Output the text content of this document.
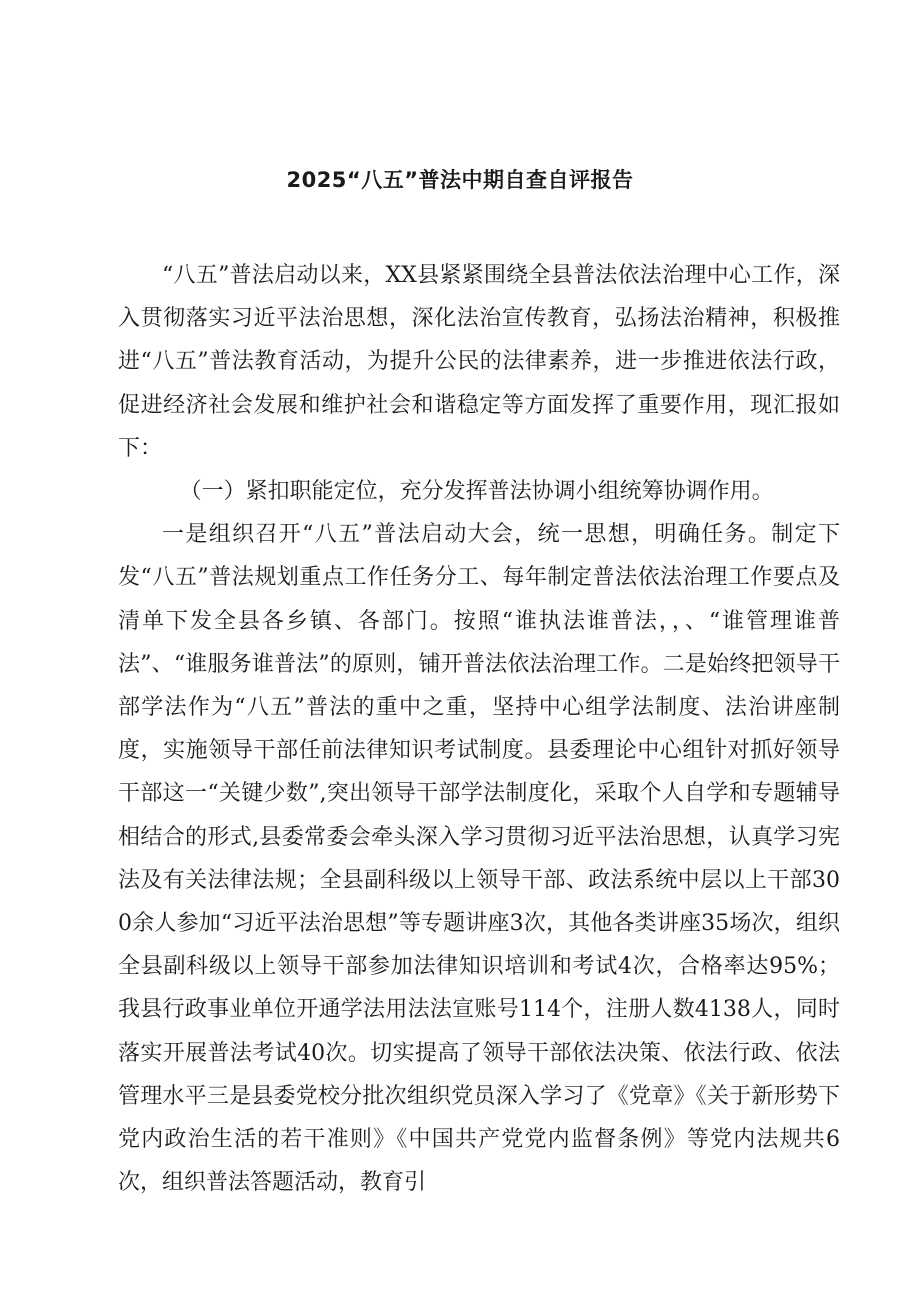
2025“八五”普法中期自查自评报告

“八五”普法启动以来，XX县紧紧围绕全县普法依法治理中心工作，深入贯彻落实习近平法治思想，深化法治宣传教育，弘扬法治精神，积极推进“八五”普法教育活动，为提升公民的法律素养，进一步推进依法行政，促进经济社会发展和维护社会和谐稳定等方面发挥了重要作用，现汇报如下：

（一）紧扣职能定位，充分发挥普法协调小组统筹协调作用。

一是组织召开“八五”普法启动大会，统一思想，明确任务。制定下发“八五”普法规划重点工作任务分工、每年制定普法依法治理工作要点及清单下发全县各乡镇、各部门。按照“谁执法谁普法，，、“谁管理谁普法”、“谁服务谁普法”的原则，铺开普法依法治理工作。二是始终把领导干部学法作为“八五”普法的重中之重，坚持中心组学法制度、法治讲座制度，实施领导干部任前法律知识考试制度。县委理论中心组针对抓好领导干部这一“关键少数”,突出领导干部学法制度化，采取个人自学和专题辅导相结合的形式,县委常委会牵头深入学习贯彻习近平法治思想，认真学习宪法及有关法律法规；全县副科级以上领导干部、政法系统中层以上干部300余人参加“习近平法治思想”等专题讲座3次，其他各类讲座35场次，组织全县副科级以上领导干部参加法律知识培训和考试4次，合格率达95%；我县行政事业单位开通学法用法法宣账号114个，注册人数4138人，同时落实开展普法考试40次。切实提高了领导干部依法决策、依法行政、依法管理水平三是县委党校分批次组织党员深入学习了《党章》《关于新形势下党内政治生活的若干准则》《中国共产党党内监督条例》等党内法规共6次，组织普法答题活动，教育引
